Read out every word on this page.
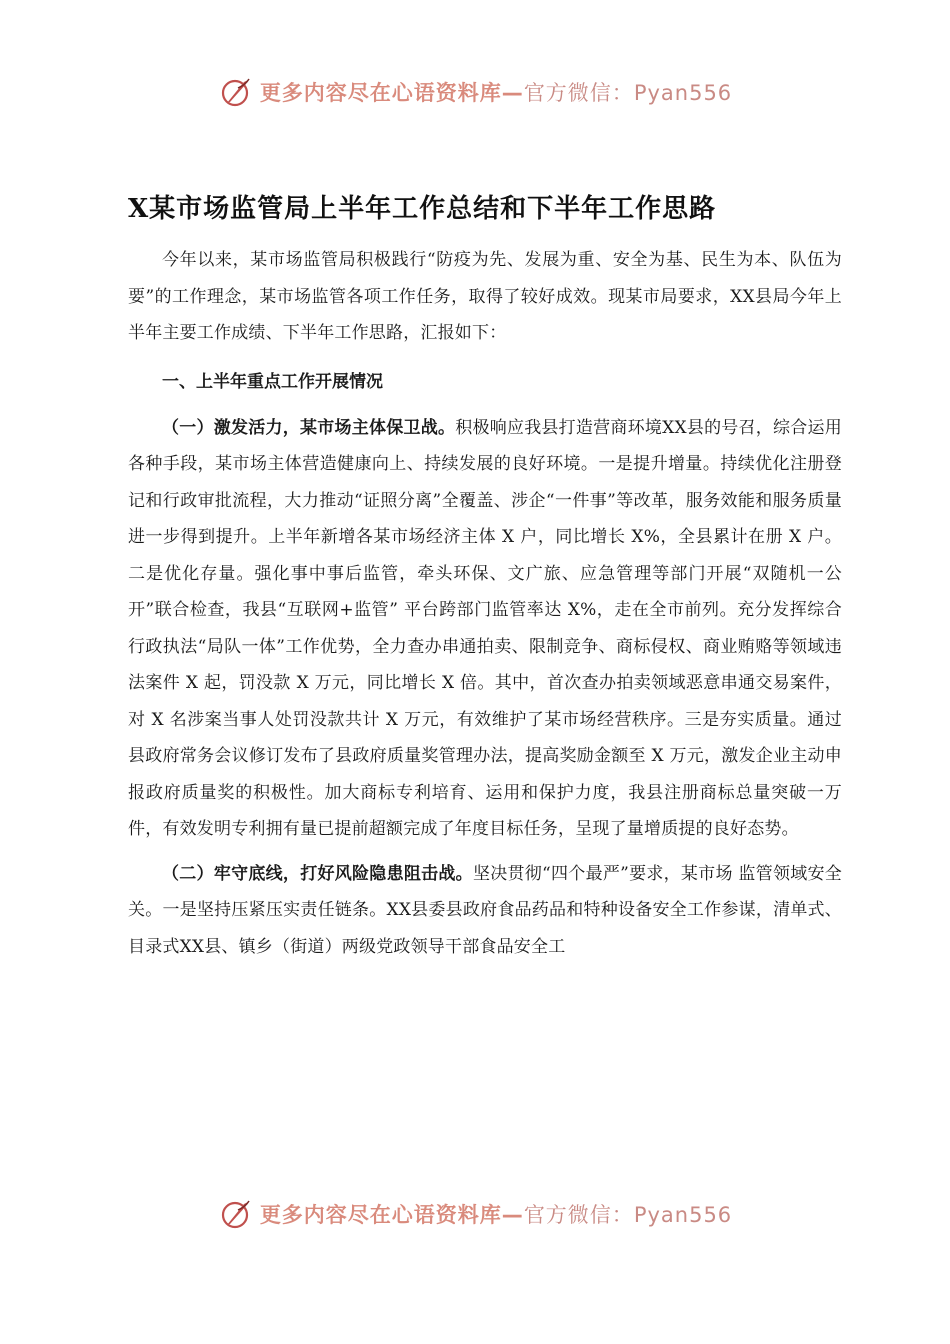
更多内容尽在心语资料库—官方微信：Pyan556
X某市场监管局上半年工作总结和下半年工作思路

今年以来，某市场监管局积极践行“防疫为先、发展为重、安全为基、民生为本、队伍为要”的工作理念，某市场监管各项工作任务，取得了较好成效。现某市局要求，XX县局今年上半年主要工作成绩、下半年工作思路，汇报如下：

一、上半年重点工作开展情况

（一）激发活力，某市场主体保卫战。积极响应我县打造营商环境XX县的号召，综合运用各种手段，某市场主体营造健康向上、持续发展的良好环境。一是提升增量。持续优化注册登记和行政审批流程，大力推动“证照分离”全覆盖、涉企“一件事”等改革，服务效能和服务质量进一步得到提升。上半年新增各某市场经济主体 X 户，同比增长 X%，全县累计在册 X 户。二是优化存量。强化事中事后监管，牵头环保、文广旅、应急管理等部门开展“双随机一公开”联合检查，我县“互联网+监管” 平台跨部门监管率达 X%，走在全市前列。充分发挥综合行政执法“局队一体”工作优势，全力查办串通拍卖、限制竞争、商标侵权、商业贿赂等领域违法案件 X 起，罚没款 X 万元，同比增长 X 倍。其中，首次查办拍卖领域恶意串通交易案件，对 X 名涉案当事人处罚没款共计 X 万元，有效维护了某市场经营秩序。三是夯实质量。通过县政府常务会议修订发布了县政府质量奖管理办法，提高奖励金额至 X 万元，激发企业主动申报政府质量奖的积极性。加大商标专利培育、运用和保护力度，我县注册商标总量突破一万件，有效发明专利拥有量已提前超额完成了年度目标任务，呈现了量增质提的良好态势。

（二）牢守底线，打好风险隐患阻击战。坚决贯彻“四个最严”要求，某市场 监管领域安全关。一是坚持压紧压实责任链条。XX县委县政府食品药品和特种设备安全工作参谋，清单式、目录式XX县、镇乡（街道）两级党政领导干部食品安全工

更多内容尽在心语资料库—官方微信：Pyan556
